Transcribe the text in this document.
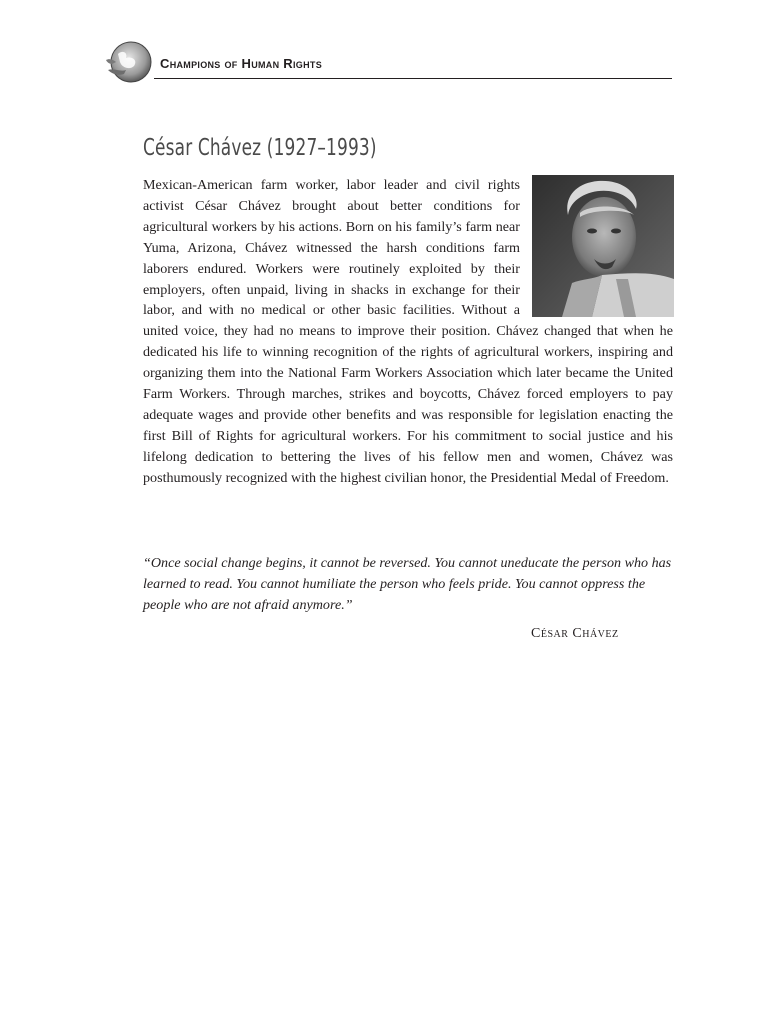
Champions of Human Rights
César Chávez (1927–1993)

Mexican-American farm worker, labor leader and civil rights activist César Chávez brought about better conditions for agricultural workers by his actions. Born on his family’s farm near Yuma, Arizona, Chávez witnessed the harsh conditions farm laborers endured. Workers were routinely exploited by their employers, often unpaid, living in shacks in exchange for their labor, and with no medical or other basic facilities. Without a united voice, they had no means to improve their position. Chávez changed that when he dedicated his life to winning recognition of the rights of agricultural workers, inspiring and organizing them into the National Farm Workers Association which later became the United Farm Workers. Through marches, strikes and boycotts, Chávez forced employers to pay adequate wages and provide other benefits and was responsible for legislation enacting the first Bill of Rights for agricultural workers. For his commitment to social justice and his lifelong dedication to bettering the lives of his fellow men and women, Chávez was posthumously recognized with the highest civilian honor, the Presidential Medal of Freedom.

“Once social change begins, it cannot be reversed. You cannot uneducate the person who has learned to read. You cannot humiliate the person who feels pride. You cannot oppress the people who are not afraid anymore.”

César Chávez
